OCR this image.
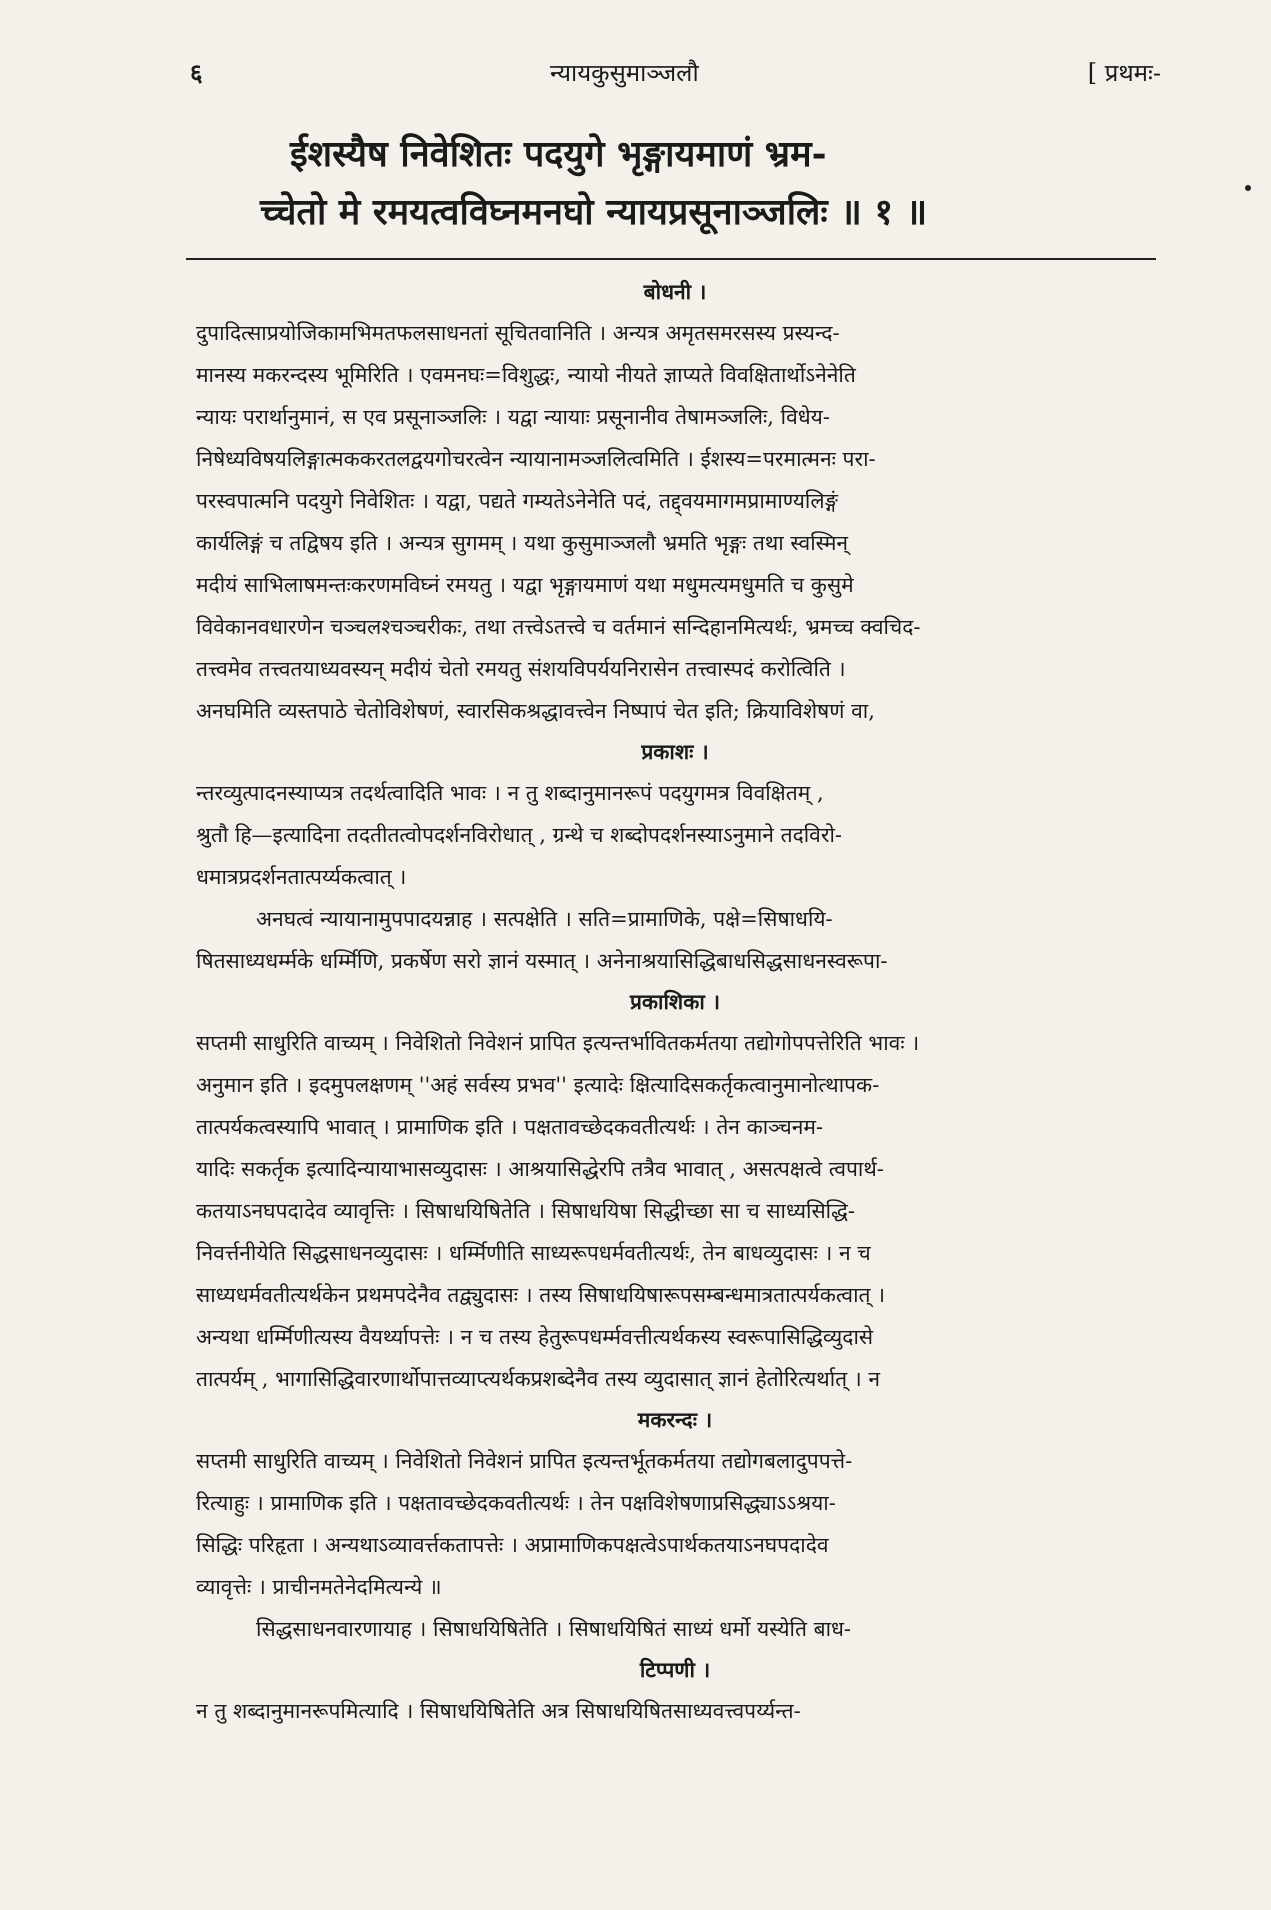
६	न्यायकुसुमाञ्जलौ	[ प्रथमः-
ईशस्यैष निवेशितः पदयुगे भृङ्गायमाणं भ्रम-
च्चेतो मे रमयत्वविघ्नमनघो न्यायप्रसूनाञ्जलिः ॥ १ ॥
बोधनी ।
दुपादित्साप्रयोजिकामभिमतफलसाधनतां सूचितवानिति । अन्यत्र अमृतसमरसस्य प्रस्यन्द-
मानस्य मकरन्दस्य भूमिरिति । एवमनघः=विशुद्धः, न्यायो नीयते ज्ञाप्यते विवक्षितार्थोऽनेनेति
न्यायः परार्थानुमानं, स एव प्रसूनाञ्जलिः । यद्वा न्यायाः प्रसूनानीव तेषामञ्जलिः, विधेय-
निषेध्यविषयलिङ्गात्मककरतलद्वयगोचरत्वेन न्यायानामञ्जलित्वमिति । ईशस्य=परमात्मनः परा-
परस्वपात्मनि पदयुगे निवेशितः । यद्वा, पद्यते गम्यतेऽनेनेति पदं, तद्द्वयमागमप्रामाण्यलिङ्गं
कार्यलिङ्गं च तद्विषय इति । अन्यत्र सुगमम् । यथा कुसुमाञ्जलौ भ्रमति भृङ्गः तथा स्वस्मिन्
मदीयं साभिलाषमन्तःकरणमविघ्नं रमयतु । यद्वा भृङ्गायमाणं यथा मधुमत्यमधुमति च कुसुमे
विवेकानवधारणेन चञ्चलश्चञ्चरीकः, तथा तत्त्वेऽतत्त्वे च वर्तमानं सन्दिहानमित्यर्थः, भ्रमच्च क्वचिद-
तत्त्वमेव तत्त्वतयाध्यवस्यन् मदीयं चेतो रमयतु संशयविपर्ययनिरासेन तत्त्वास्पदं करोत्विति ।
अनघमिति व्यस्तपाठे चेतोविशेषणं, स्वारसिकश्रद्धावत्त्वेन निष्पापं चेत इति; क्रियाविशेषणं वा,
प्रकाशः ।
न्तरव्युत्पादनस्याप्यत्र तदर्थत्वादिति भावः । न तु शब्दानुमानरूपं पदयुगमत्र विवक्षितम् ,
श्रुतौ हि—इत्यादिना तदतीतत्वोपदर्शनविरोधात् , ग्रन्थे च शब्दोपदर्शनस्याऽनुमाने तदविरो-
धमात्रप्रदर्शनतात्पर्य्यकत्वात् ।
अनघत्वं न्यायानामुपपादयन्नाह । सत्पक्षेति । सति=प्रामाणिके, पक्षे=सिषाधयि-
षितसाध्यधर्म्मके धर्म्मिणि, प्रकर्षेण सरो ज्ञानं यस्मात् । अनेनाश्रयासिद्धिबाधसिद्धसाधनस्वरूपा-
प्रकाशिका ।
सप्तमी साधुरिति वाच्यम् । निवेशितो निवेशनं प्रापित इत्यन्तर्भावितकर्मतया तद्योगोपपत्तेरिति भावः ।
अनुमान इति । इदमुपलक्षणम् ''अहं सर्वस्य प्रभव'' इत्यादेः क्षित्यादिसकर्तृकत्वानुमानोत्थापक-
तात्पर्यकत्वस्यापि भावात् । प्रामाणिक इति । पक्षतावच्छेदकवतीत्यर्थः । तेन काञ्चनम-
यादिः सकर्तृक इत्यादिन्यायाभासव्युदासः । आश्रयासिद्धेरपि तत्रैव भावात् , असत्पक्षत्वे त्वपार्थ-
कतयाऽनघपदादेव व्यावृत्तिः । सिषाधयिषितेति । सिषाधयिषा सिद्धीच्छा सा च साध्यसिद्धि-
निवर्त्तनीयेति सिद्धसाधनव्युदासः । धर्म्मिणीति साध्यरूपधर्मवतीत्यर्थः, तेन बाधव्युदासः । न च
साध्यधर्मवतीत्यर्थकेन प्रथमपदेनैव तद्व्युदासः । तस्य सिषाधयिषारूपसम्बन्धमात्रतात्पर्यकत्वात् ।
अन्यथा धर्म्मिणीत्यस्य वैयर्थ्यापत्तेः । न च तस्य हेतुरूपधर्म्मवत्तीत्यर्थकस्य स्वरूपासिद्धिव्युदासे
तात्पर्यम् , भागासिद्धिवारणार्थोपात्तव्याप्त्यर्थकप्रशब्देनैव तस्य व्युदासात् ज्ञानं हेतोरित्यर्थात् । न
मकरन्दः ।
सप्तमी साधुरिति वाच्यम् । निवेशितो निवेशनं प्रापित इत्यन्तर्भूतकर्मतया तद्योगबलादुपपत्ते-
रित्याहुः । प्रामाणिक इति । पक्षतावच्छेदकवतीत्यर्थः । तेन पक्षविशेषणाप्रसिद्ध्याऽऽश्रया-
सिद्धिः परिहृता । अन्यथाऽव्यावर्त्तकतापत्तेः । अप्रामाणिकपक्षत्वेऽपार्थकतयाऽनघपदादेव
व्यावृत्तेः । प्राचीनमतेनेदमित्यन्ये ॥
सिद्धसाधनवारणायाह । सिषाधयिषितेति । सिषाधयिषितं साध्यं धर्मो यस्येति बाध-
टिप्पणी ।
न तु शब्दानुमानरूपमित्यादि । सिषाधयिषितेति अत्र सिषाधयिषितसाध्यवत्त्वपर्य्यन्त-
